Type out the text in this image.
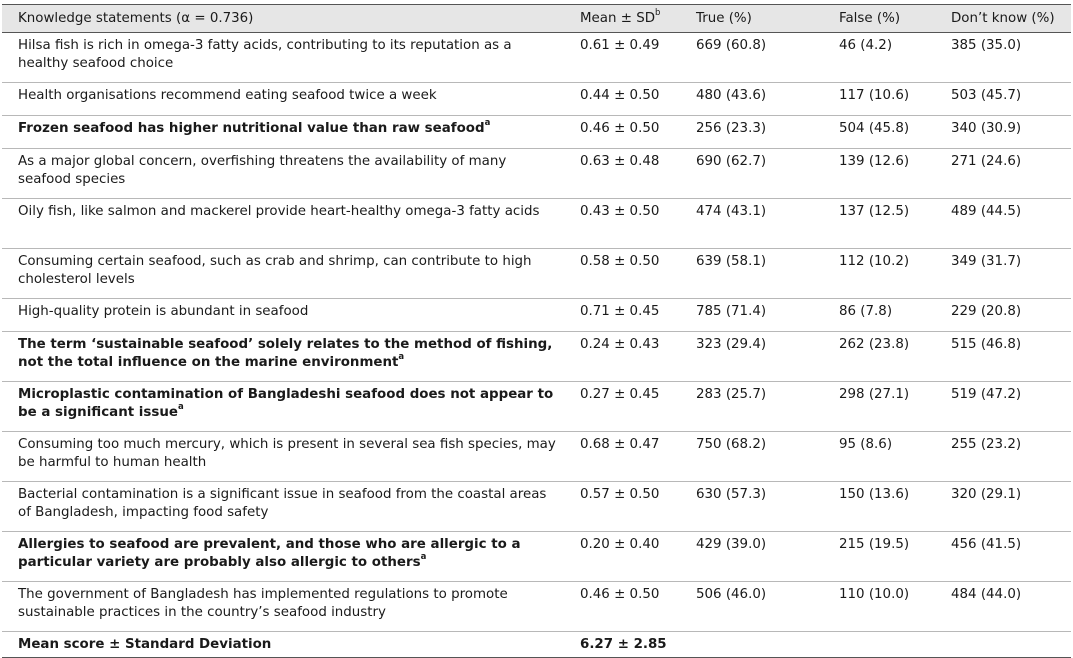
Knowledge statements (α = 0.736)	Mean ± SD$^b$	True (%)	False (%)	Don’t know (%)
Hilsa fish is rich in omega-3 fatty acids, contributing to its reputation as a healthy seafood choice	0.61 ± 0.49	669 (60.8)	46 (4.2)	385 (35.0)
Health organisations recommend eating seafood twice a week	0.44 ± 0.50	480 (43.6)	117 (10.6)	503 (45.7)
Frozen seafood has higher nutritional value than raw seafood$^a$	0.46 ± 0.50	256 (23.3)	504 (45.8)	340 (30.9)
As a major global concern, overfishing threatens the availability of many seafood species	0.63 ± 0.48	690 (62.7)	139 (12.6)	271 (24.6)
Oily fish, like salmon and mackerel provide heart-healthy omega-3 fatty acids	0.43 ± 0.50	474 (43.1)	137 (12.5)	489 (44.5)
Consuming certain seafood, such as crab and shrimp, can contribute to high cholesterol levels	0.58 ± 0.50	639 (58.1)	112 (10.2)	349 (31.7)
High-quality protein is abundant in seafood	0.71 ± 0.45	785 (71.4)	86 (7.8)	229 (20.8)
The term ‘sustainable seafood’ solely relates to the method of fishing, not the total influence on the marine environment$^a$	0.24 ± 0.43	323 (29.4)	262 (23.8)	515 (46.8)
Microplastic contamination of Bangladeshi seafood does not appear to be a significant issue$^a$	0.27 ± 0.45	283 (25.7)	298 (27.1)	519 (47.2)
Consuming too much mercury, which is present in several sea fish species, may be harmful to human health	0.68 ± 0.47	750 (68.2)	95 (8.6)	255 (23.2)
Bacterial contamination is a significant issue in seafood from the coastal areas of Bangladesh, impacting food safety	0.57 ± 0.50	630 (57.3)	150 (13.6)	320 (29.1)
Allergies to seafood are prevalent, and those who are allergic to a particular variety are probably also allergic to others$^a$	0.20 ± 0.40	429 (39.0)	215 (19.5)	456 (41.5)
The government of Bangladesh has implemented regulations to promote sustainable practices in the country’s seafood industry	0.46 ± 0.50	506 (46.0)	110 (10.0)	484 (44.0)
Mean score ± Standard Deviation	6.27 ± 2.85			
